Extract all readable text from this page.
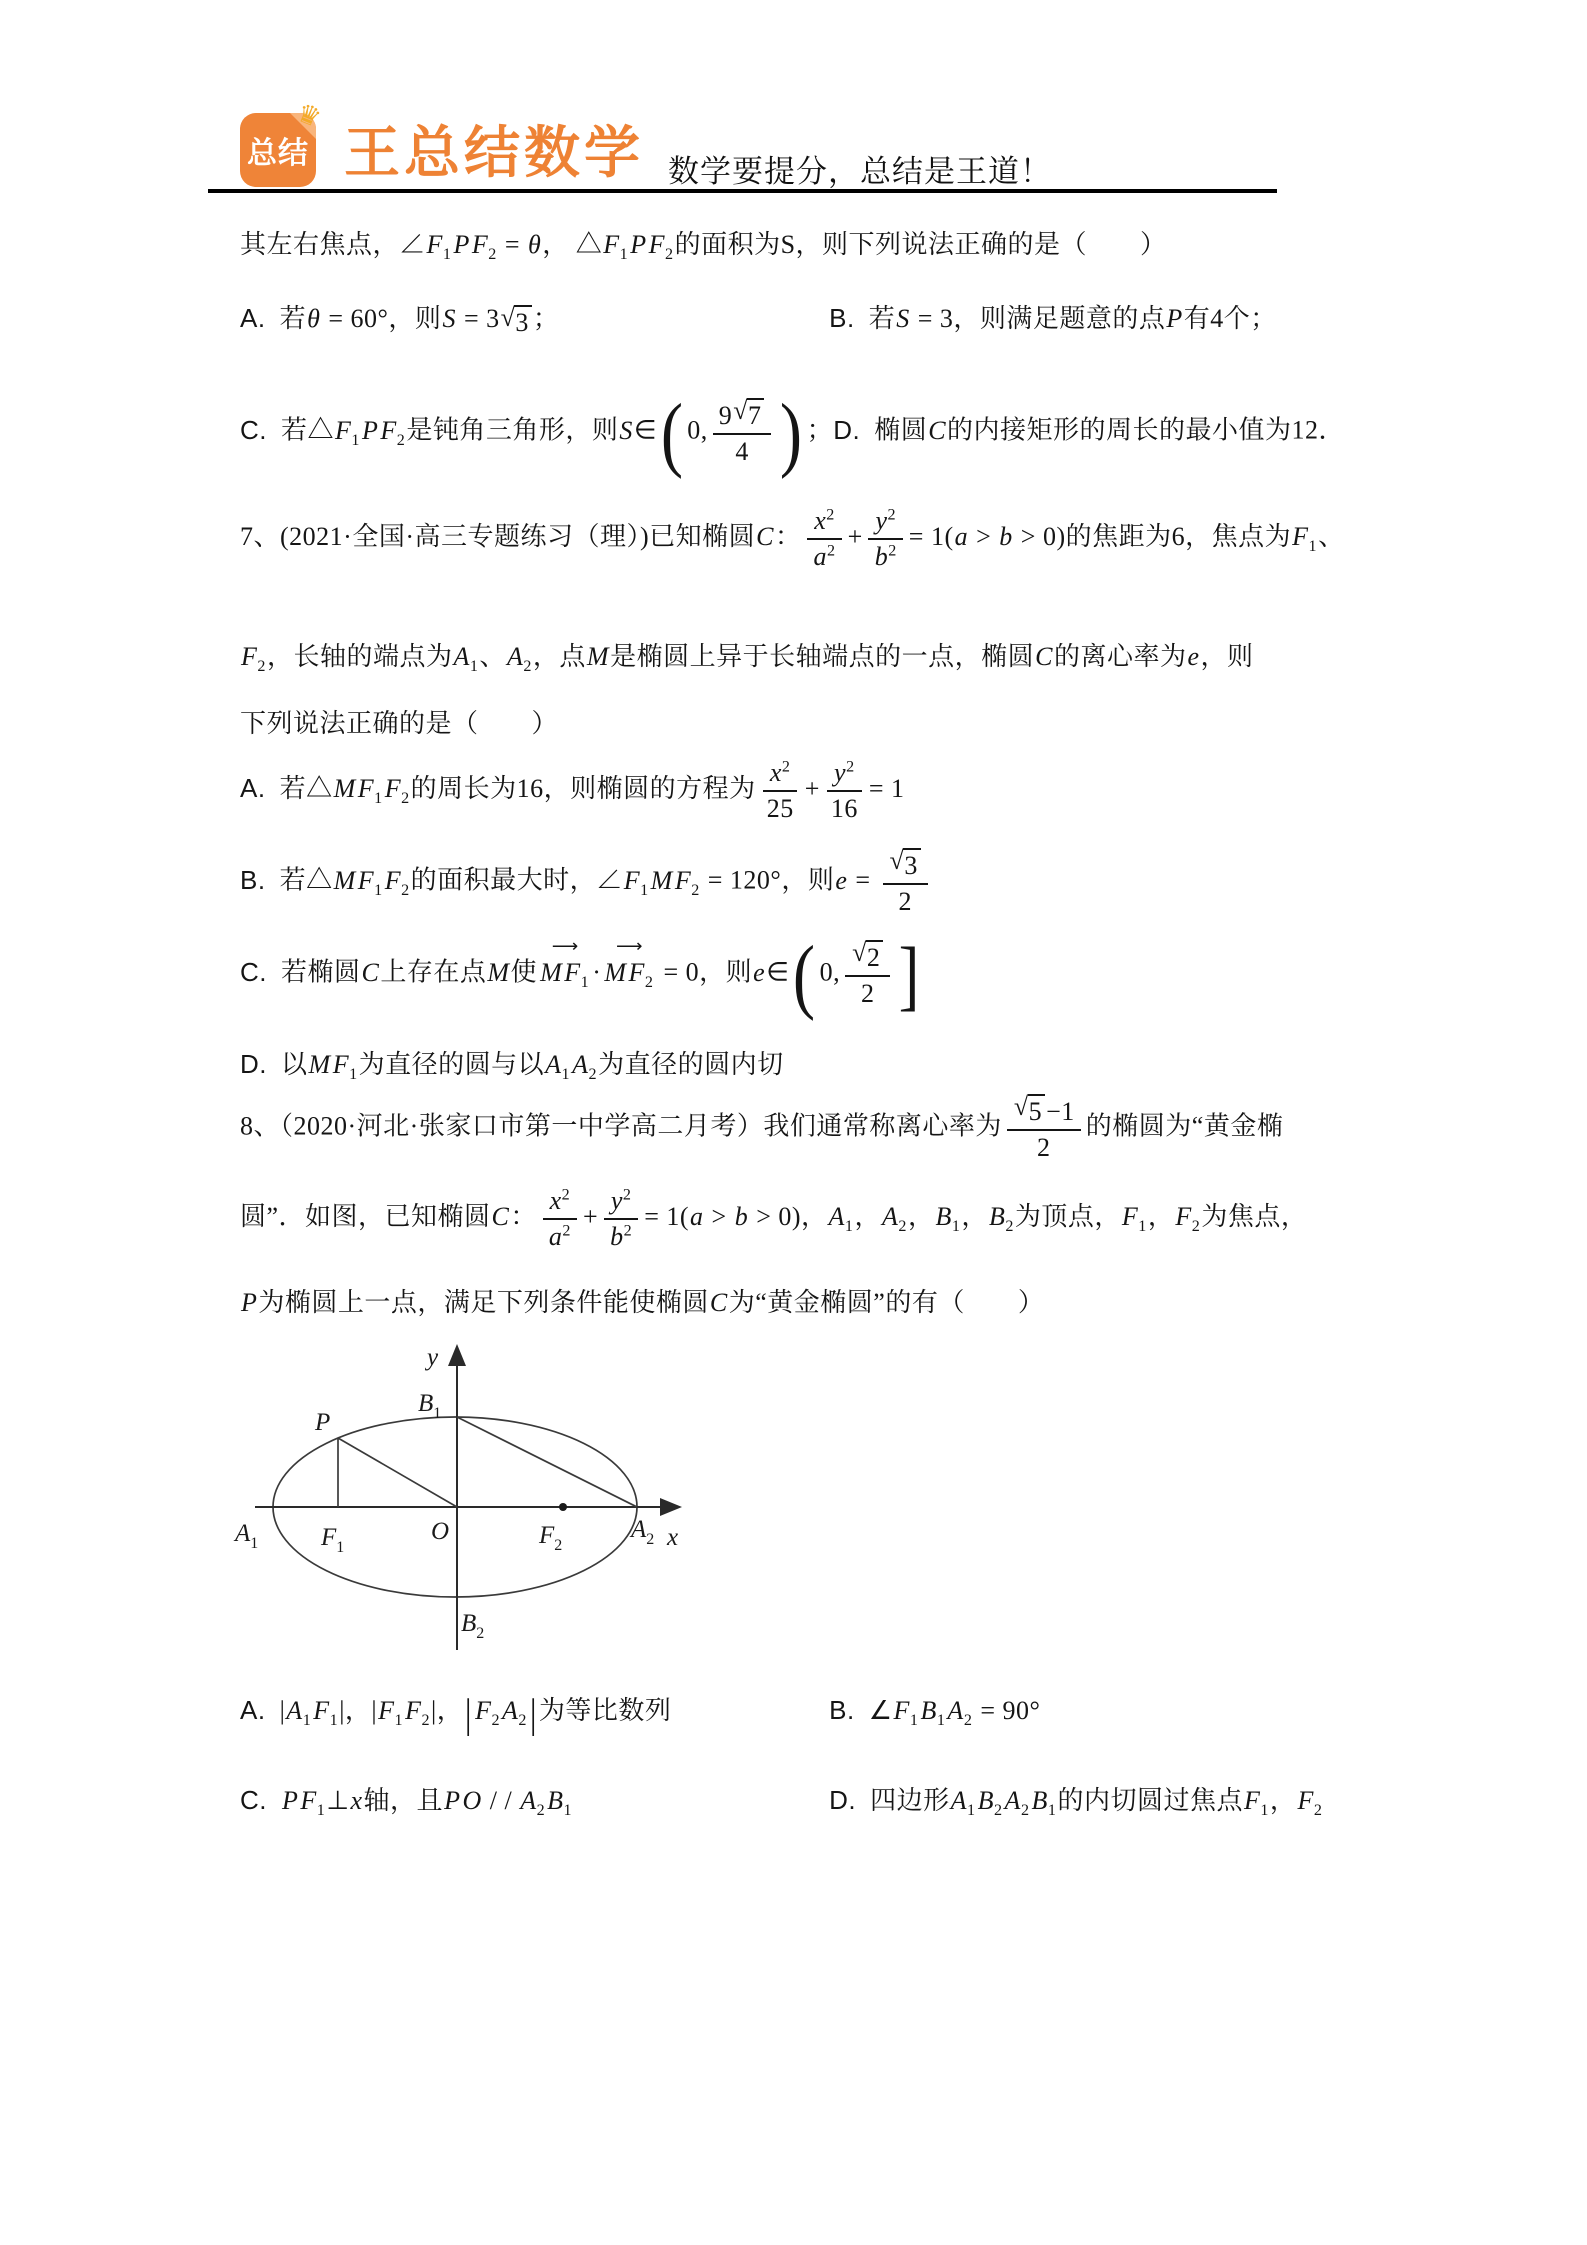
♛
总结 王总结数学 数学要提分，总结是王道！
其左右焦点，$\angle F_1PF_2 = \theta$， $\triangle F_1PF_2$的面积为S，则下列说法正确的是（　　）
A. 若θ = 60°，则S = 3 √ 3 ；	B. 若S = 3，则满足题意的点P有4个；
C. 若$\triangle F_1PF_2$是钝角三角形，则S∈( 0, $\frac{9 √ 7}{4}$ ) ；D. 椭圆C的内接矩形的周长的最小值为12．
7、(2021·全国·高三专题练习（理）)已知椭圆C： $\frac{x^2}{a^2} + \frac{y^2}{b^2} = 1(a > b > 0)$的焦距为6，焦点为$F_1$、
$F_2$，长轴的端点为$A_1$、$A_2$，点M是椭圆上异于长轴端点的一点，椭圆C的离心率为e，则
下列说法正确的是（　　）
A. 若$\triangle MF_1F_2$的周长为16，则椭圆的方程为 $\frac{x^2}{25} + \frac{y^2}{16} = 1$
B. 若$\triangle MF_1F_2$的面积最大时，$\angle F_1MF_2 = 120^\circ$，则$e = \frac{√ 3}{2}$
C. 若椭圆C上存在点M使
⟶
$MF_1$ ·
⟶
$MF_2 = 0$，则e∈( 0, $\frac{√ 2}{2}$ ]
D. 以$MF_1$为直径的圆与以$A_1A_2$为直径的圆内切
8、（2020·河北·张家口市第一中学高二月考）我们通常称离心率为 $\frac{√ 5 -1}{2}$ 的椭圆为“黄金椭
圆”．如图，已知椭圆C： $\frac{x^2}{a^2} + \frac{y^2}{b^2} = 1(a > b > 0)$，$A_1$，$A_2$，$B_1$，$B_2$为顶点，$F_1$，$F_2$为焦点，
P为椭圆上一点，满足下列条件能使椭圆C为“黄金椭圆”的有（　　）
y
$B_1$
P
$A_1$	$F_1$
O	$F_2$
$A_2$ x
$B_2$
A. $|A_1F_1|$，$|F_1F_2|$，| $F_2A_2|$为等比数列	B. $\angle F_1B_1A_2 = 90^\circ$
C. $PF_1\perp x$轴，且PO / / $A_2B_1$	D. 四边形$A_1B_2A_2B_1$的内切圆过焦点$F_1$，$F_2$
